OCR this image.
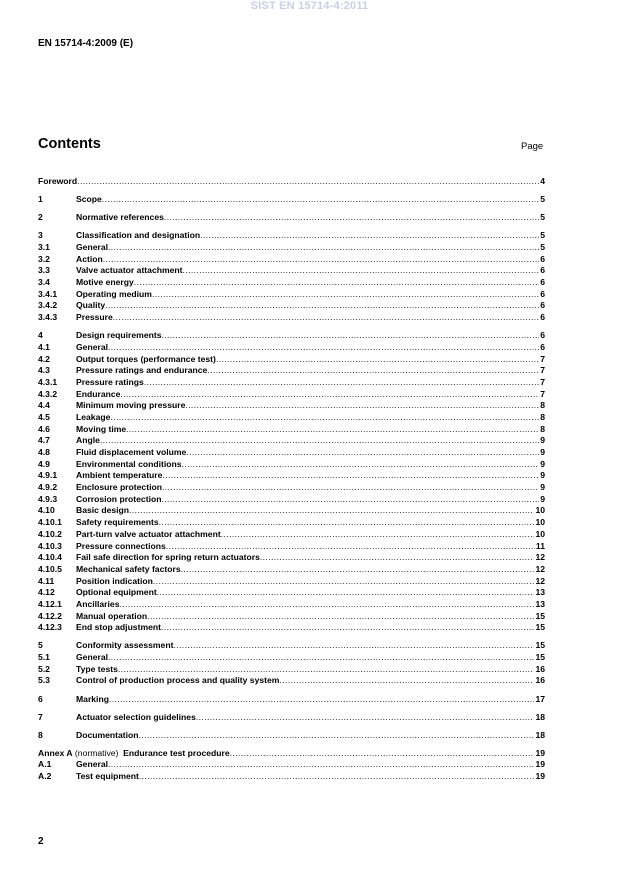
SIST EN 15714-4:2011
EN 15714-4:2009 (E)
Contents	Page
Foreword .....	4
1	Scope .....	5
2	Normative references .....	5
3	Classification and designation .....	5
3.1	General .....	5
3.2	Action .....	6
3.3	Valve actuator attachment .....	6
3.4	Motive energy .....	6
3.4.1	Operating medium .....	6
3.4.2	Quality .....	6
3.4.3	Pressure .....	6
4	Design requirements .....	6
4.1	General .....	6
4.2	Output torques (performance test) .....	7
4.3	Pressure ratings and endurance .....	7
4.3.1	Pressure ratings .....	7
4.3.2	Endurance .....	7
4.4	Minimum moving pressure .....	8
4.5	Leakage .....	8
4.6	Moving time .....	8
4.7	Angle .....	9
4.8	Fluid displacement volume .....	9
4.9	Environmental conditions .....	9
4.9.1	Ambient temperature .....	9
4.9.2	Enclosure protection .....	9
4.9.3	Corrosion protection .....	9
4.10	Basic design .....	10
4.10.1	Safety requirements .....	10
4.10.2	Part-turn valve actuator attachment .....	10
4.10.3	Pressure connections .....	11
4.10.4	Fail safe direction for spring return actuators .....	12
4.10.5	Mechanical safety factors .....	12
4.11	Position indication .....	12
4.12	Optional equipment .....	13
4.12.1	Ancillaries .....	13
4.12.2	Manual operation .....	15
4.12.3	End stop adjustment .....	15
5	Conformity assessment .....	15
5.1	General .....	15
5.2	Type tests .....	16
5.3	Control of production process and quality system .....	16
6	Marking .....	17
7	Actuator selection guidelines .....	18
8	Documentation .....	18
Annex A (normative) Endurance test procedure .....	19
A.1	General .....	19
A.2	Test equipment .....	19
2
